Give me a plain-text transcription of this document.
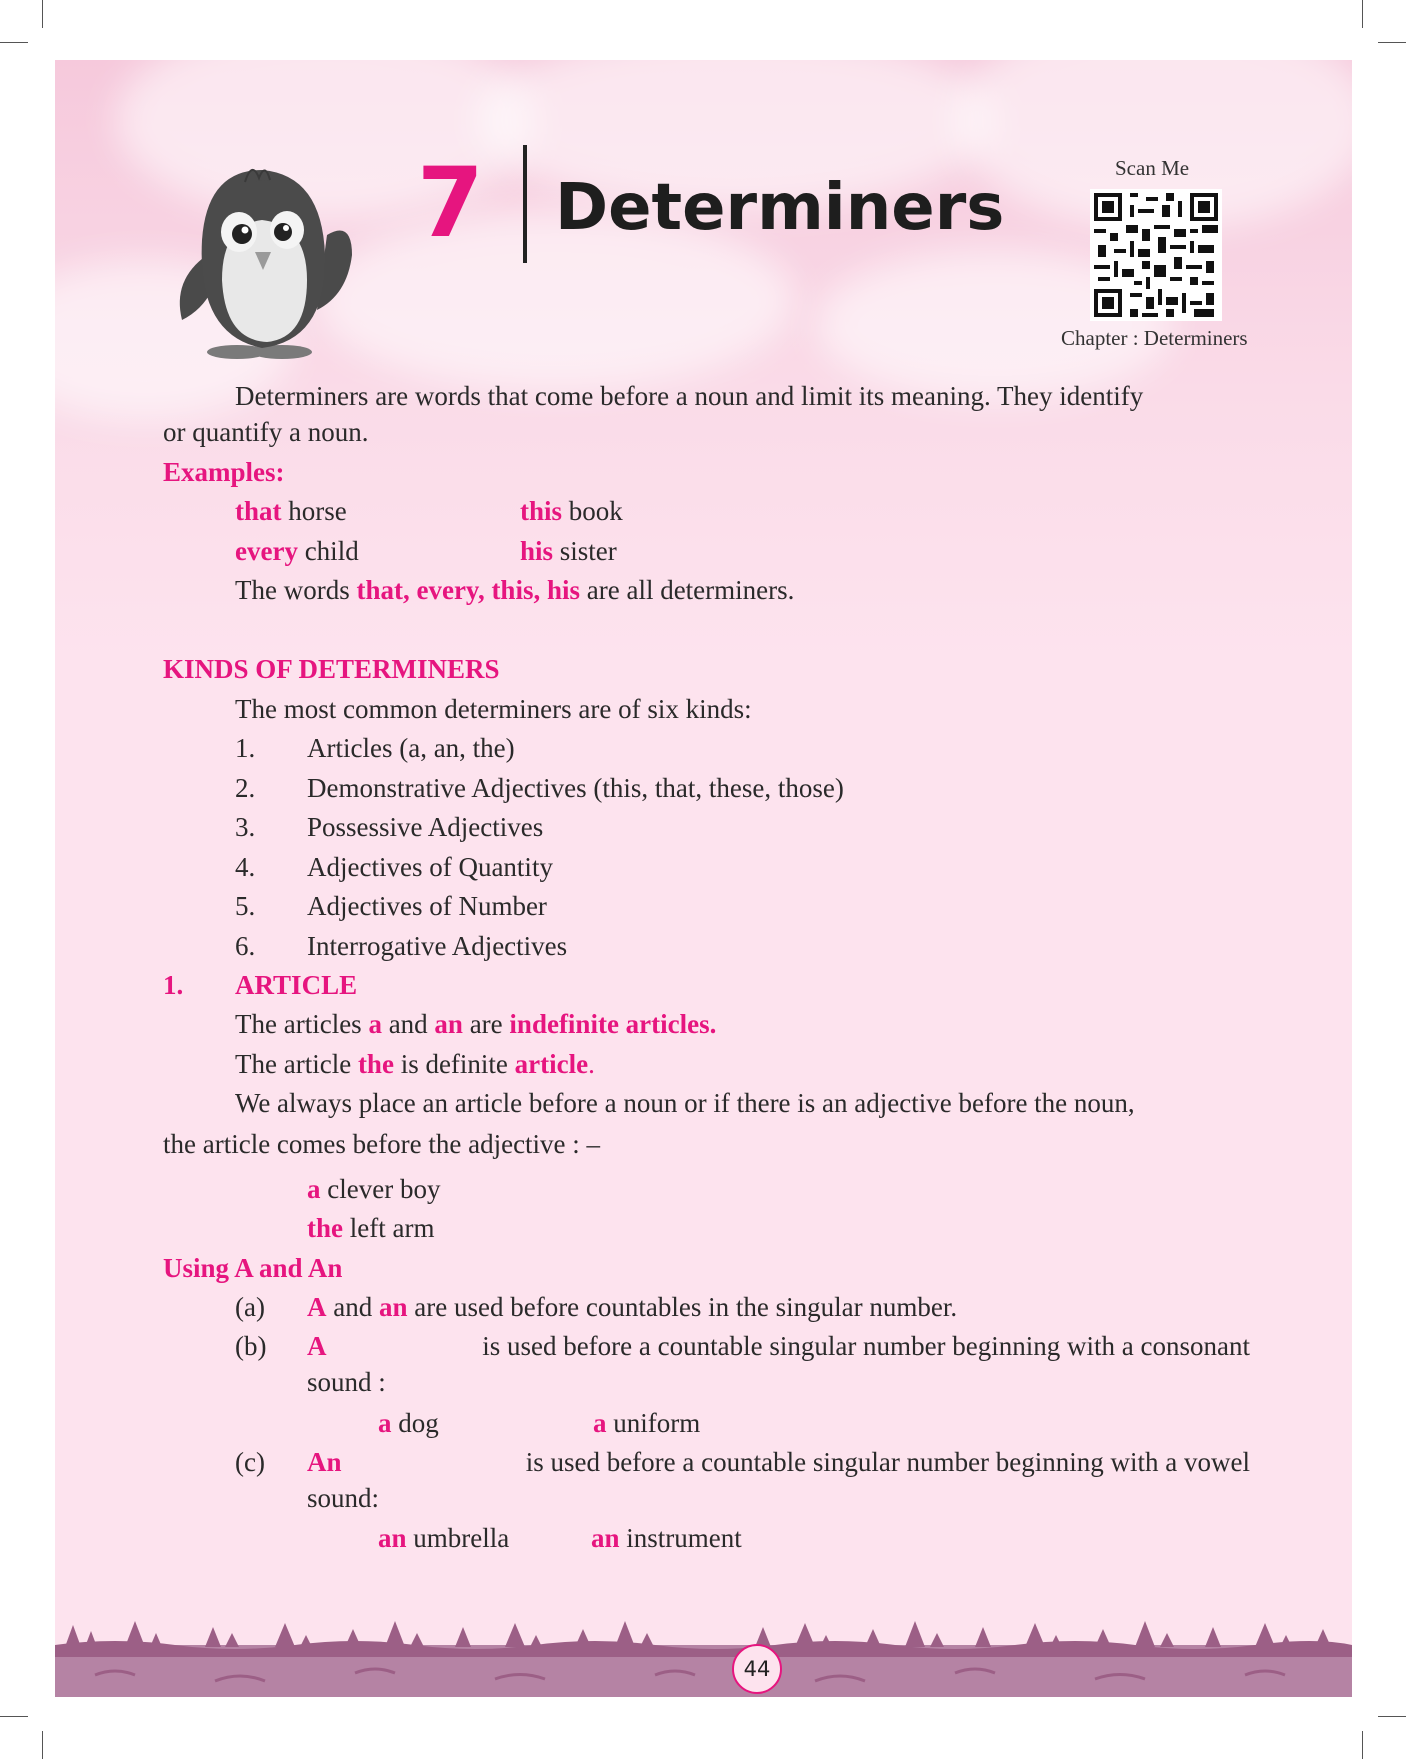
7 Determiners
Scan Me
Chapter : Determiners
Determiners are words that come before a noun and limit its meaning. They identify
or quantify a noun.
Examples:
that horse	this book
every child	his sister
The words that, every, this, his are all determiners.
KINDS OF DETERMINERS
The most common determiners are of six kinds:
1. Articles (a, an, the)
2. Demonstrative Adjectives (this, that, these, those)
3. Possessive Adjectives
4. Adjectives of Quantity
5. Adjectives of Number
6. Interrogative Adjectives
1. ARTICLE
The articles a and an are indefinite articles.
The article the is definite article.
We always place an article before a noun or if there is an adjective before the noun,
the article comes before the adjective : –
a clever boy
the left arm
Using A and An
(a) A and an are used before countables in the singular number.
(b) A	is used before a countable singular number beginning with a consonant
sound :
a dog	a uniform
(c) An	is used before a countable singular number beginning with a vowel
sound:
an umbrella	an instrument
44
